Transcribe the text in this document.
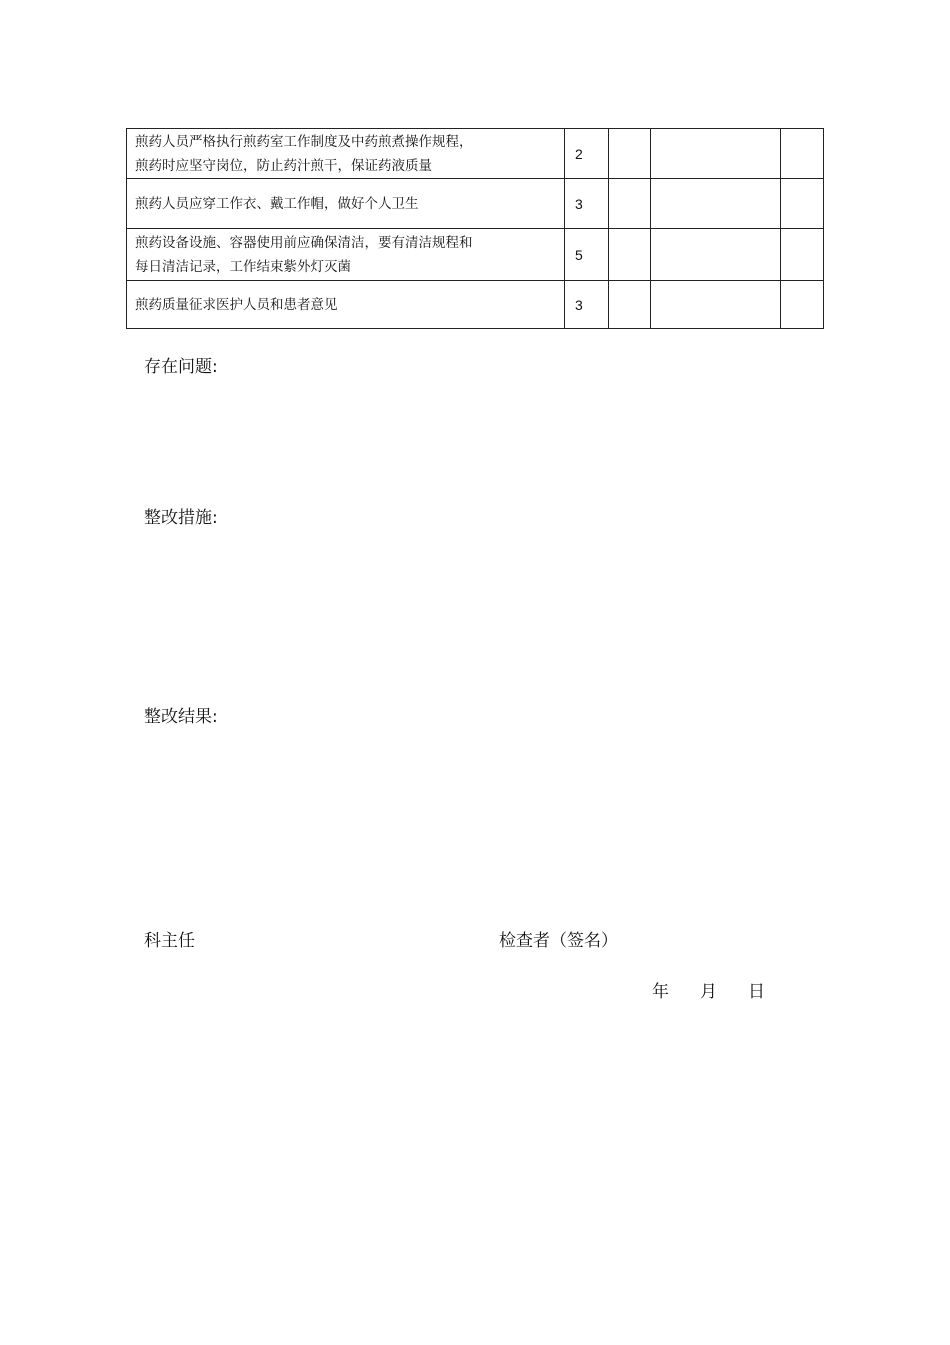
煎药人员严格执行煎药室工作制度及中药煎煮操作规程，
煎药时应坚守岗位，防止药汁煎干，保证药液质量	2			
煎药人员应穿工作衣、戴工作帽，做好个人卫生	3			
煎药设备设施、容器使用前应确保清洁，要有清洁规程和
每日清洁记录，工作结束紫外灯灭菌	5			
煎药质量征求医护人员和患者意见	3			
存在问题:
整改措施:
整改结果:
科主任	检查者（签名）
年 月 日
